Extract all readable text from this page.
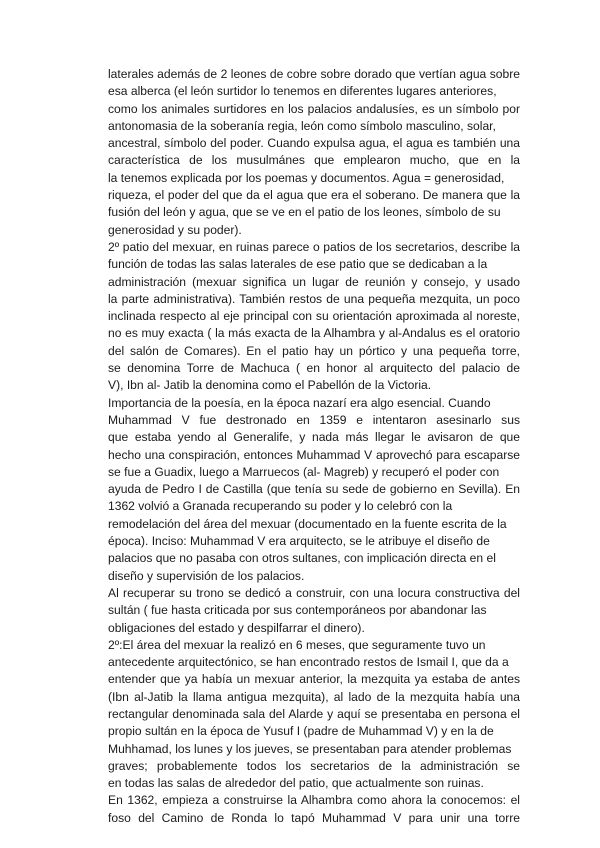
laterales además de 2 leones de cobre sobre dorado que vertían agua sobre
esa alberca (el león surtidor lo tenemos en diferentes lugares anteriores,
como los animales surtidores en los palacios andalusíes, es un símbolo por
antonomasia de la soberanía regia, león como símbolo masculino, solar,
ancestral, símbolo del poder. Cuando expulsa agua, el agua es también una
característica de los musulmánes que emplearon mucho, que en la
la tenemos explicada por los poemas y documentos. Agua = generosidad,
riqueza, el poder del que da el agua que era el soberano. De manera que la
fusión del león y agua, que se ve en el patio de los leones, símbolo de su
generosidad y su poder).
2º patio del mexuar, en ruinas parece o patios de los secretarios, describe la
función de todas las salas laterales de ese patio que se dedicaban a la
administración (mexuar significa un lugar de reunión y consejo, y usado
la parte administrativa). También restos de una pequeña mezquita, un poco
inclinada respecto al eje principal con su orientación aproximada al noreste,
no es muy exacta ( la más exacta de la Alhambra y al-Andalus es el oratorio
del salón de Comares). En el patio hay un pórtico y una pequeña torre,
se denomina Torre de Machuca ( en honor al arquitecto del palacio de
V), Ibn al- Jatib la denomina como el Pabellón de la Victoria.
Importancia de la poesía, en la época nazarí era algo esencial. Cuando
Muhammad V fue destronado en 1359 e intentaron asesinarlo sus
que estaba yendo al Generalife, y nada más llegar le avisaron de que
hecho una conspiración, entonces Muhammad V aprovechó para escaparse
se fue a Guadix, luego a Marruecos (al- Magreb) y recuperó el poder con
ayuda de Pedro I de Castilla (que tenía su sede de gobierno en Sevilla). En
1362 volvió a Granada recuperando su poder y lo celebró con la
remodelación del área del mexuar (documentado en la fuente escrita de la
época). Inciso: Muhammad V era arquitecto, se le atribuye el diseño de
palacios que no pasaba con otros sultanes, con implicación directa en el
diseño y supervisión de los palacios.
Al recuperar su trono se dedicó a construir, con una locura constructiva del
sultán ( fue hasta criticada por sus contemporáneos por abandonar las
obligaciones del estado y despilfarrar el dinero).
2º:El área del mexuar la realizó en 6 meses, que seguramente tuvo un
antecedente arquitectónico, se han encontrado restos de Ismail I, que da a
entender que ya había un mexuar anterior, la mezquita ya estaba de antes
(Ibn al-Jatib la llama antigua mezquita), al lado de la mezquita había una
rectangular denominada sala del Alarde y aquí se presentaba en persona el
propio sultán en la época de Yusuf I (padre de Muhammad V) y en la de
Muhhamad, los lunes y los jueves, se presentaban para atender problemas
graves; probablemente todos los secretarios de la administración se
en todas las salas de alrededor del patio, que actualmente son ruinas.
En 1362, empieza a construirse la Alhambra como ahora la conocemos: el
foso del Camino de Ronda lo tapó Muhammad V para unir una torre
